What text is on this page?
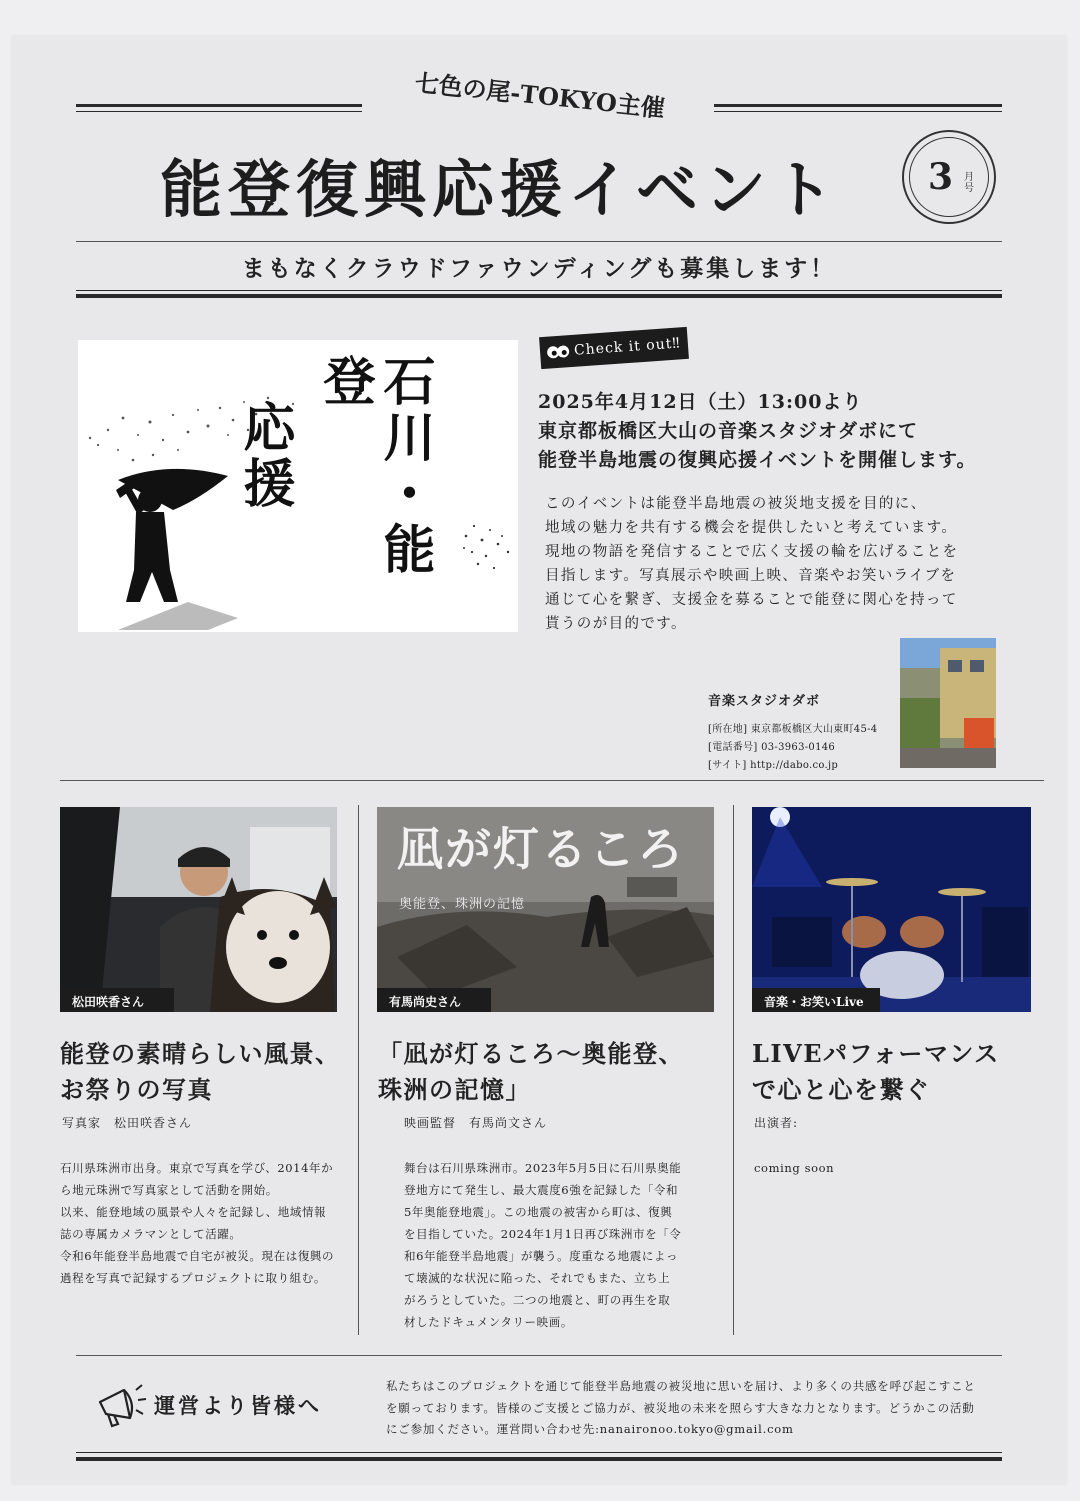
七色の尾-TOKYO主催
能登復興応援イベント	3 月号
まもなくクラウドファウンディングも募集します！
石川・能登
応援
Check it out‼
2025年4月12日（土）13:00より
東京都板橋区大山の音楽スタジオダボにて
能登半島地震の復興応援イベントを開催します。
このイベントは能登半島地震の被災地支援を目的に、
地域の魅力を共有する機会を提供したいと考えています。
現地の物語を発信することで広く支援の輪を広げることを
目指します。写真展示や映画上映、音楽やお笑いライブを
通じて心を繋ぎ、支援金を募ることで能登に関心を持って
貰うのが目的です。
音楽スタジオダボ
[所在地] 東京都板橋区大山東町45-4
[電話番号] 03-3963-0146
[サイト] http://dabo.co.jp
松田咲香さん
能登の素晴らしい風景、
お祭りの写真
写真家　松田咲香さん
石川県珠洲市出身。東京で写真を学び、2014年か
ら地元珠洲で写真家として活動を開始。
以来、能登地域の風景や人々を記録し、地域情報
誌の専属カメラマンとして活躍。
令和6年能登半島地震で自宅が被災。現在は復興の
過程を写真で記録するプロジェクトに取り組む。
凪が灯るころ
奥能登、珠洲の記憶
有馬尚史さん
「凪が灯るころ〜奥能登、
珠洲の記憶」
映画監督　有馬尚文さん
舞台は石川県珠洲市。2023年5月5日に石川県奥能
登地方にて発生し、最大震度6強を記録した「令和
5年奥能登地震」。この地震の被害から町は、復興
を目指していた。2024年1月1日再び珠洲市を「令
和6年能登半島地震」が襲う。度重なる地震によっ
て壊滅的な状況に陥った、それでもまた、立ち上
がろうとしていた。二つの地震と、町の再生を取
材したドキュメンタリー映画。
音楽・お笑いLive
LIVEパフォーマンス
で心と心を繋ぐ
出演者:
coming soon
運営より皆様へ
私たちはこのプロジェクトを通じて能登半島地震の被災地に思いを届け、より多くの共感を呼び起こすこと
を願っております。皆様のご支援とご協力が、被災地の未来を照らす大きな力となります。どうかこの活動
にご参加ください。運営問い合わせ先:nanaironoo.tokyo@gmail.com
